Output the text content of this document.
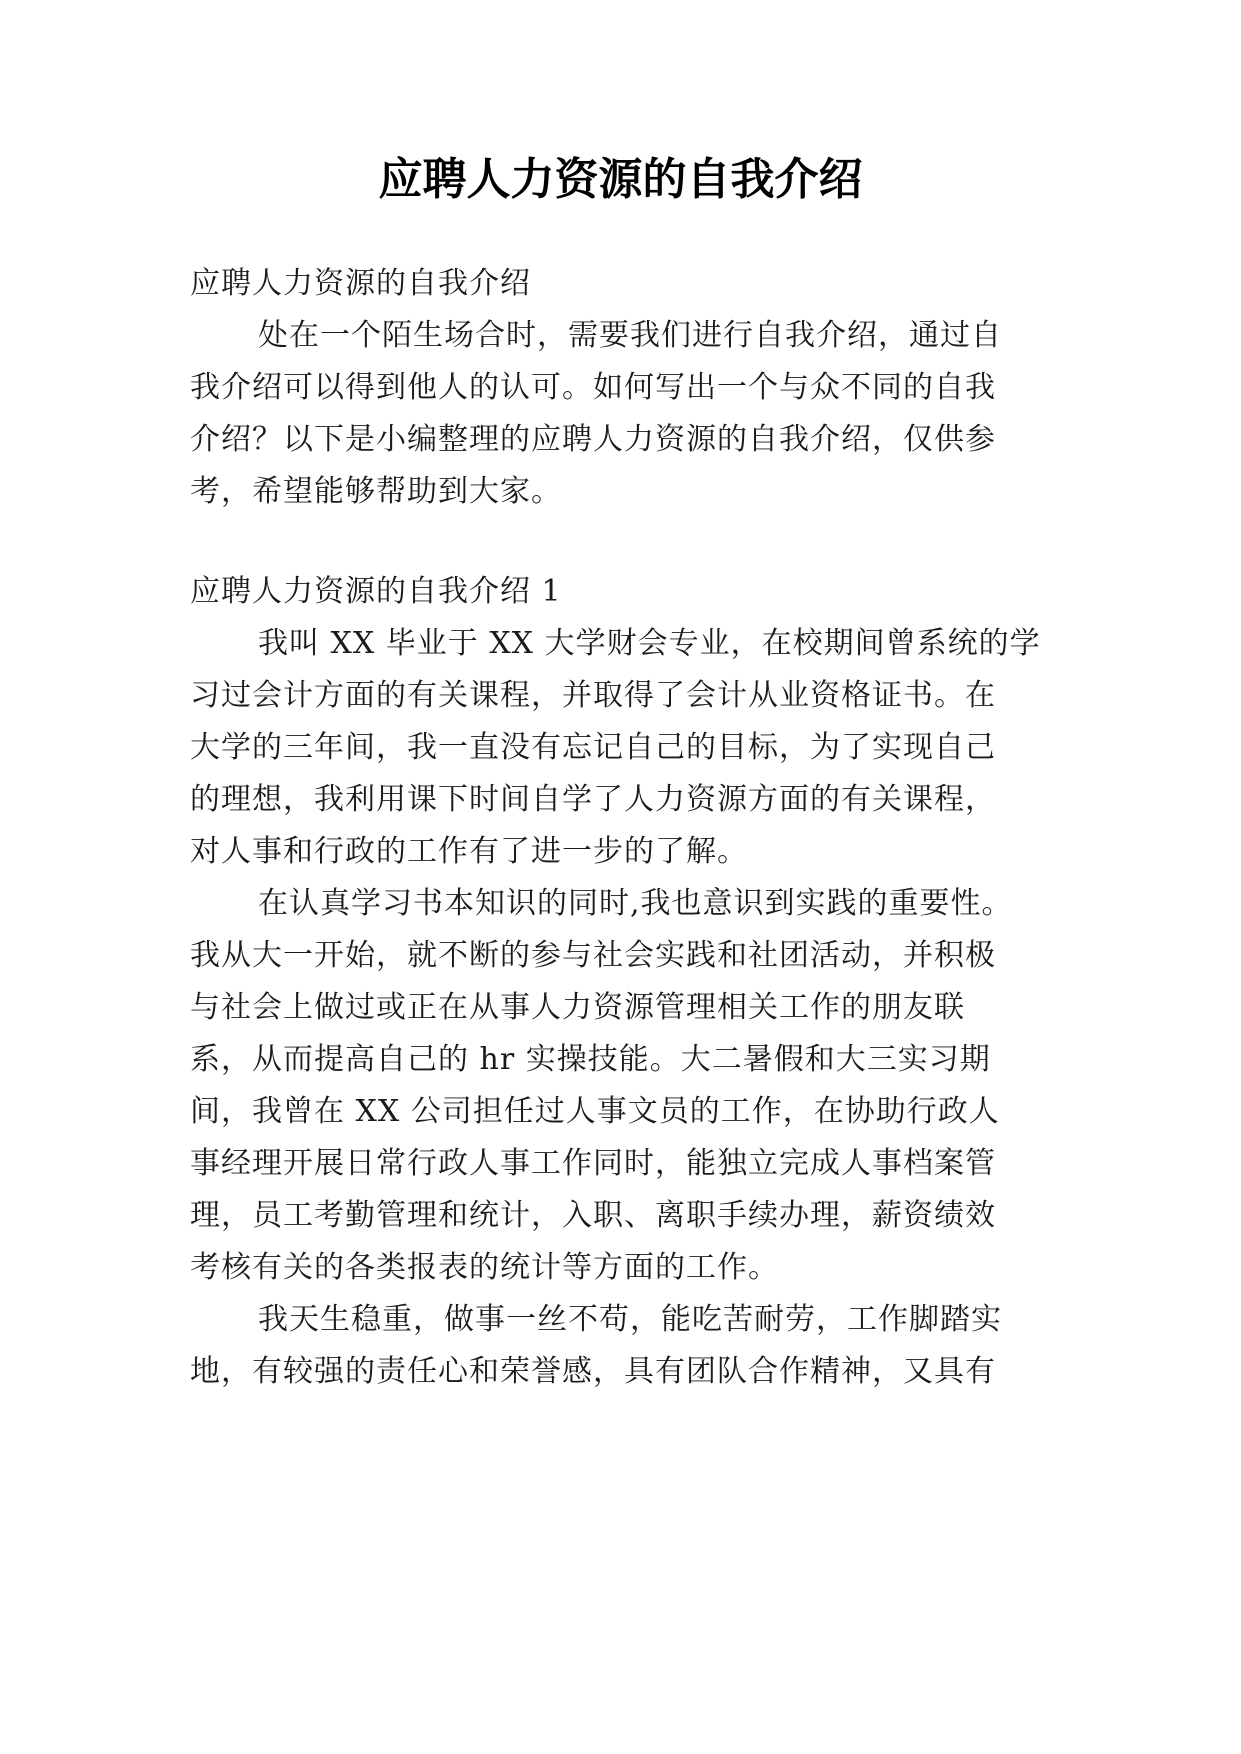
应聘人力资源的自我介绍
应聘人力资源的自我介绍
处在一个陌生场合时，需要我们进行自我介绍，通过自
我介绍可以得到他人的认可。如何写出一个与众不同的自我
介绍？以下是小编整理的应聘人力资源的自我介绍，仅供参
考，希望能够帮助到大家。
应聘人力资源的自我介绍 1
我叫 XX 毕业于 XX 大学财会专业，在校期间曾系统的学
习过会计方面的有关课程，并取得了会计从业资格证书。在
大学的三年间，我一直没有忘记自己的目标，为了实现自己
的理想，我利用课下时间自学了人力资源方面的有关课程，
对人事和行政的工作有了进一步的了解。
在认真学习书本知识的同时,我也意识到实践的重要性。
我从大一开始，就不断的参与社会实践和社团活动，并积极
与社会上做过或正在从事人力资源管理相关工作的朋友联
系，从而提高自己的 hr 实操技能。大二暑假和大三实习期
间，我曾在 XX 公司担任过人事文员的工作，在协助行政人
事经理开展日常行政人事工作同时，能独立完成人事档案管
理，员工考勤管理和统计，入职、离职手续办理，薪资绩效
考核有关的各类报表的统计等方面的工作。
我天生稳重，做事一丝不苟，能吃苦耐劳，工作脚踏实
地，有较强的责任心和荣誉感，具有团队合作精神，又具有
